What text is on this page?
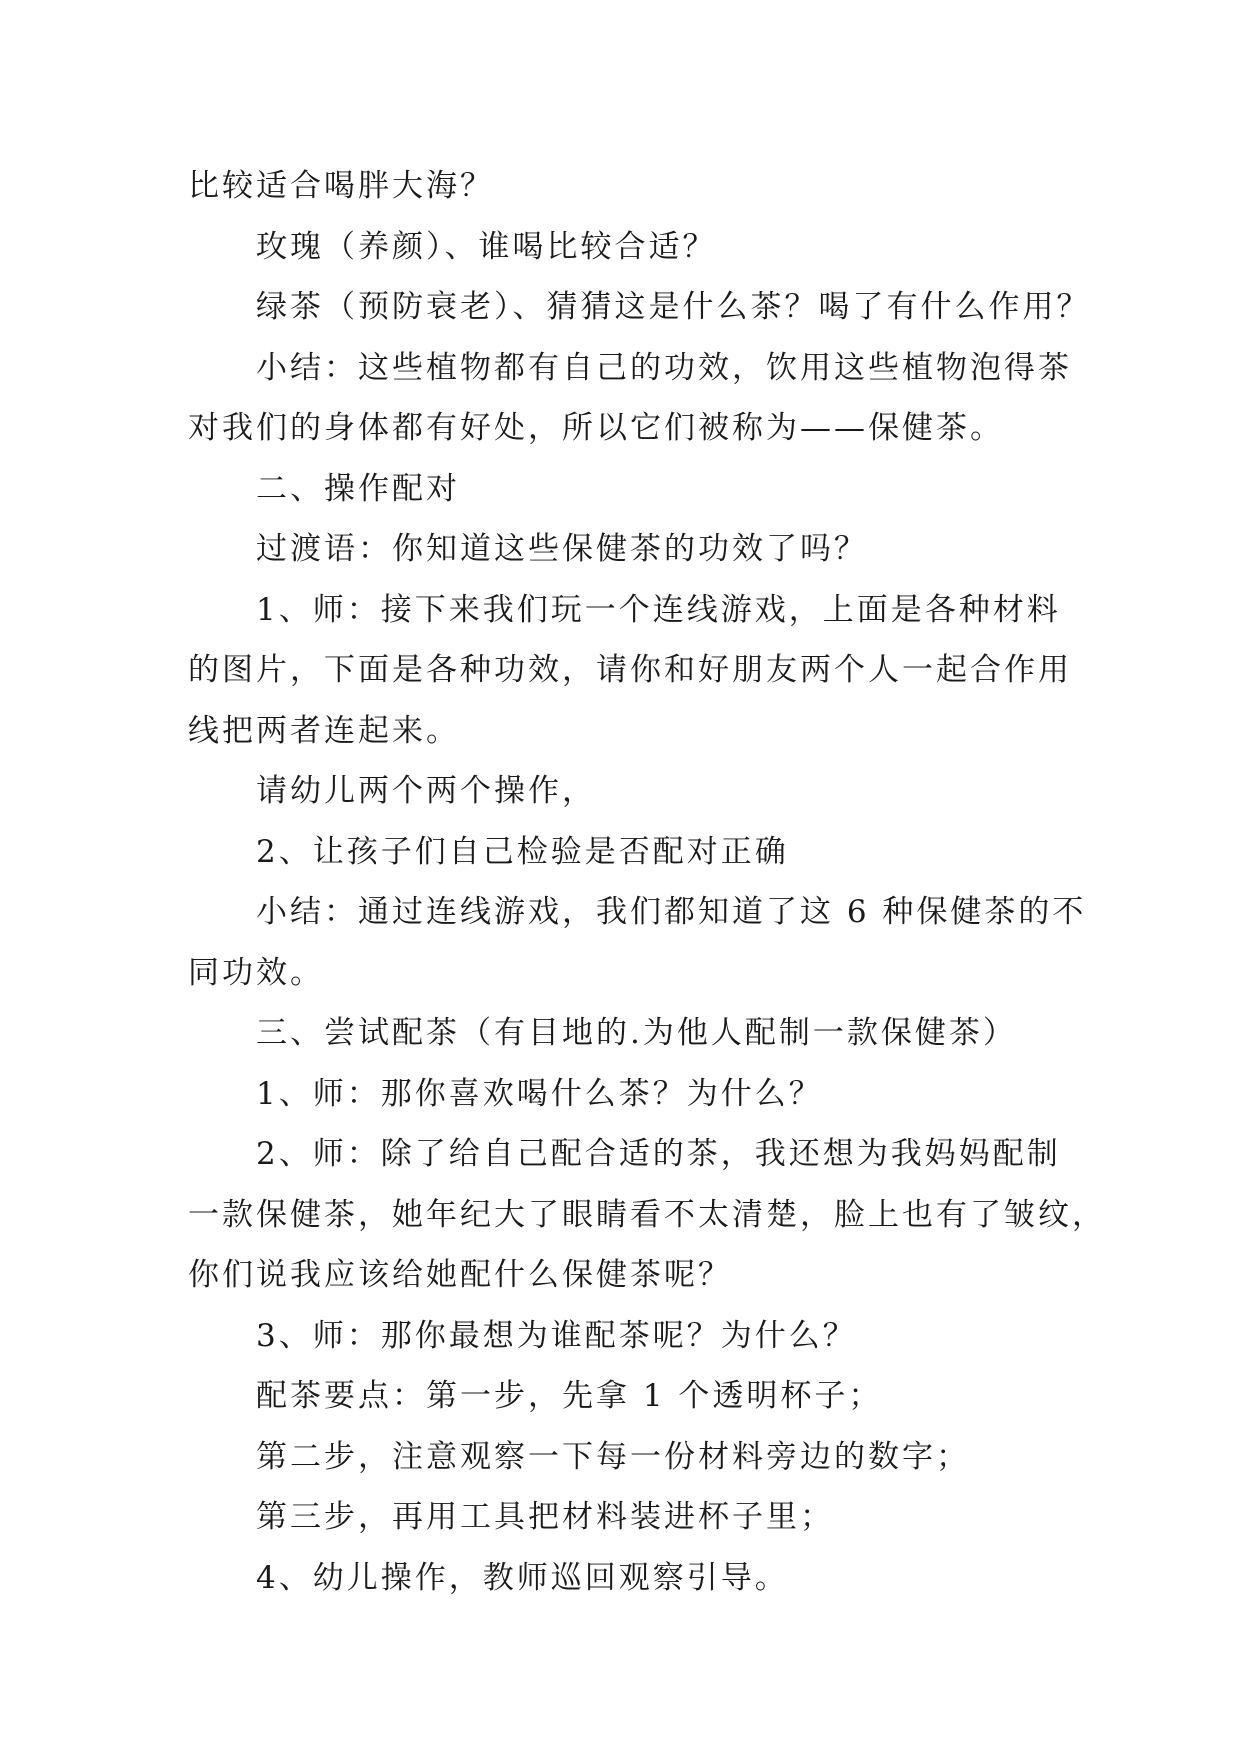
比较适合喝胖大海？

玫瑰（养颜）、谁喝比较合适？

绿茶（预防衰老）、猜猜这是什么茶？喝了有什么作用？

小结：这些植物都有自己的功效，饮用这些植物泡得茶

对我们的身体都有好处，所以它们被称为——保健茶。

二、操作配对

过渡语：你知道这些保健茶的功效了吗？

1、师：接下来我们玩一个连线游戏，上面是各种材料

的图片，下面是各种功效，请你和好朋友两个人一起合作用

线把两者连起来。

请幼儿两个两个操作，

2、让孩子们自己检验是否配对正确

小结：通过连线游戏，我们都知道了这 6 种保健茶的不

同功效。

三、尝试配茶（有目地的.为他人配制一款保健茶）

1、师：那你喜欢喝什么茶？为什么？

2、师：除了给自己配合适的茶，我还想为我妈妈配制

一款保健茶，她年纪大了眼睛看不太清楚，脸上也有了皱纹，

你们说我应该给她配什么保健茶呢？

3、师：那你最想为谁配茶呢？为什么？

配茶要点：第一步，先拿 1 个透明杯子；

第二步，注意观察一下每一份材料旁边的数字；

第三步，再用工具把材料装进杯子里；

4、幼儿操作，教师巡回观察引导。
